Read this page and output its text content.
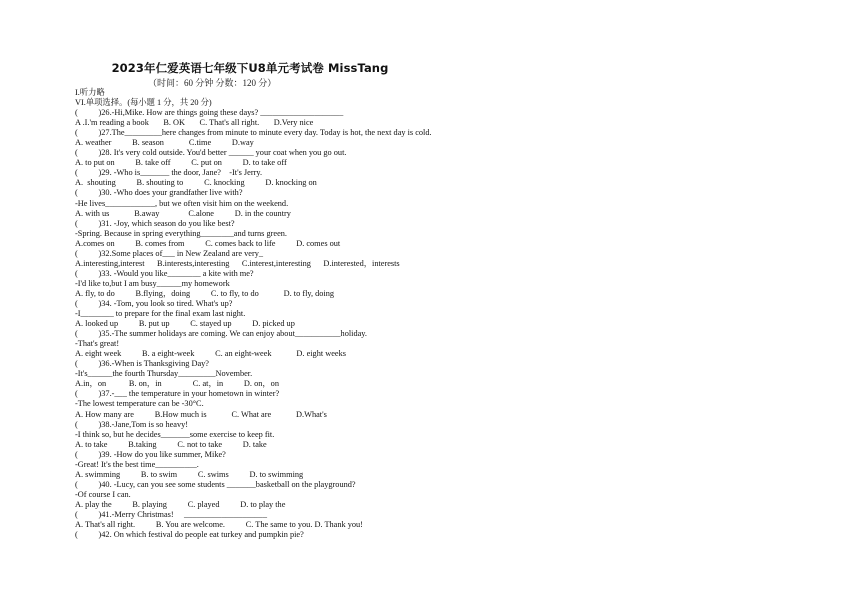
2023年仁爱英语七年级下U8单元考试卷 MissTang
（时间：60 分钟 分数：120 分）
I.听力略
VI.单项选择。(每小题 1 分，共 20 分)
(          )26.-Hi,Mike. How are things going these days? ____________________
A .I.'m reading a book       B. OK       C. That's all right.       D.Very nice
(          )27.The_________here changes from minute to minute every day. Today is hot, the next day is cold.
A. weather          B. season            C.time          D.way
(          )28. It's very cold outside. You'd better ______ your coat when you go out.
A. to put on          B. take off          C. put on          D. to take off
(          )29. -Who is_______ the door, Jane?    -It's Jerry.
A.  shouting          B. shouting to          C. knocking          D. knocking on
(          )30. -Who does your grandfather live with?
-He lives____________, but we often visit him on the weekend.
A. with us            B.away              C.alone          D. in the country
(          )31. -Joy, which season do you like best?
-Spring. Because in spring everything________and turns green.
A.comes on          B. comes from          C. comes back to life          D. comes out
(          )32.Some places of___ in New Zealand are very_
A.interesting,interest      B.interests,interesting      C.interest,interesting      D.interested，interests
(          )33. -Would you like________ a kite with me?
-I'd like to,but I am busy______my homework
A. fly, to do          B.flying，doing          C. to fly, to do            D. to fly, doing
(          )34. -Tom, you look so tired. What's up?
-I________ to prepare for the final exam last night.
A. looked up          B. put up          C. stayed up          D. picked up
(          )35.-The summer holidays are coming. We can enjoy about___________holiday.
-That's great!
A. eight week          B. a eight-week          C. an eight-week            D. eight weeks
(          )36.-When is Thanksgiving Day?
-It's______the fourth Thursday_________November.
A.in，on           B. on，in               C. at，in          D. on，on
(          )37.-___ the temperature in your hometown in winter?
-The lowest temperature can be -30°C.
A. How many are          B.How much is            C. What are            D.What's
(          )38.-Jane,Tom is so heavy!
-I think so, but he decides_______some exercise to keep fit.
A. to take          B.taking          C. not to take          D. take
(          )39. -How do you like summer, Mike?
-Great! It's the best time__________.
A. swimming          B. to swim          C. swims          D. to swimming
(          )40. -Lucy, can you see some students _______basketball on the playground?
-Of course I can.
A. play the          B. playing          C. played          D. to play the
(          )41.-Merry Christmas!     ____________________
A. That's all right.          B. You are welcome.          C. The same to you. D. Thank you!
(          )42. On which festival do people eat turkey and pumpkin pie?
